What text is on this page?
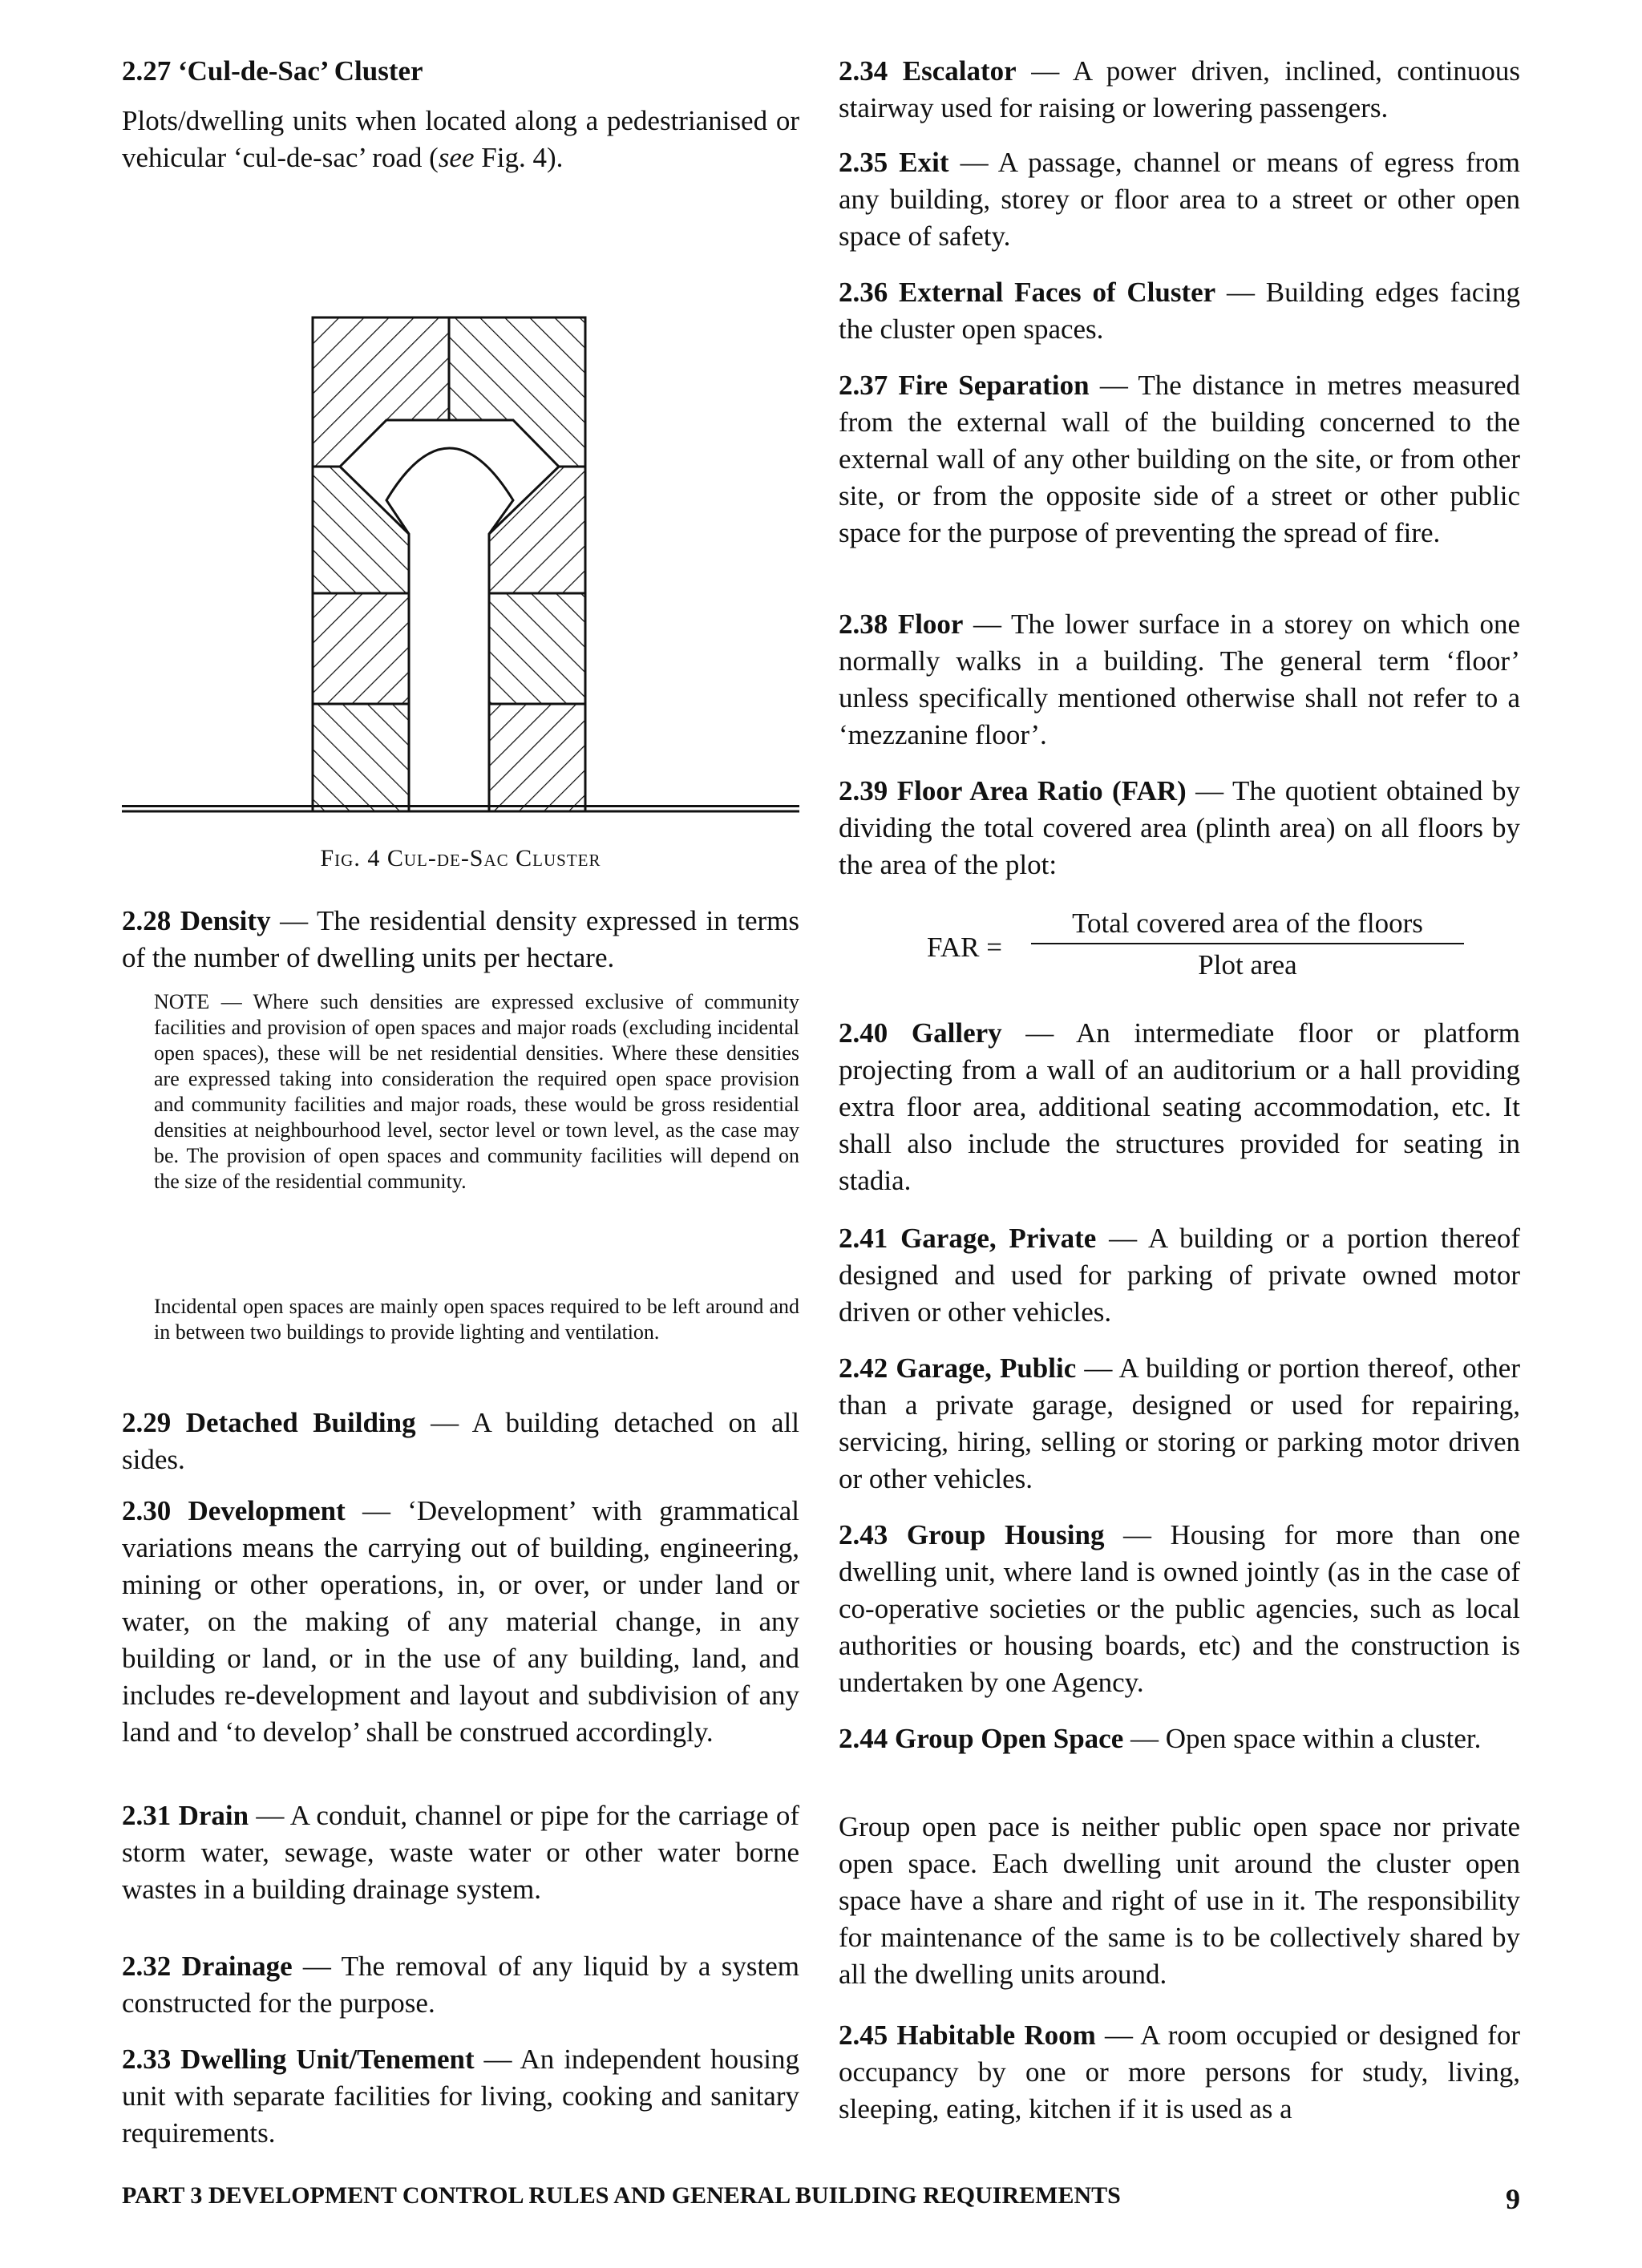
2.27 ‘Cul-de-Sac’ Cluster
Plots/dwelling units when located along a pedestrianised or vehicular ‘cul-de-sac’ road (see Fig. 4).
Fig. 4 Cul-de-Sac Cluster
2.28 Density — The residential density expressed in terms of the number of dwelling units per hectare.
NOTE — Where such densities are expressed exclusive of community facilities and provision of open spaces and major roads (excluding incidental open spaces), these will be net residential densities. Where these densities are expressed taking into consideration the required open space provision and community facilities and major roads, these would be gross residential densities at neighbourhood level, sector level or town level, as the case may be. The provision of open spaces and community facilities will depend on the size of the residential community.
Incidental open spaces are mainly open spaces required to be left around and in between two buildings to provide lighting and ventilation.
2.29 Detached Building — A building detached on all sides.
2.30 Development — ‘Development’ with grammatical variations means the carrying out of building, engineering, mining or other operations, in, or over, or under land or water, on the making of any material change, in any building or land, or in the use of any building, land, and includes re-development and layout and subdivision of any land and ‘to develop’ shall be construed accordingly.
2.31 Drain — A conduit, channel or pipe for the carriage of storm water, sewage, waste water or other water borne wastes in a building drainage system.
2.32 Drainage — The removal of any liquid by a system constructed for the purpose.
2.33 Dwelling Unit/Tenement — An independent housing unit with separate facilities for living, cooking and sanitary requirements.
2.34 Escalator — A power driven, inclined, continuous stairway used for raising or lowering passengers.
2.35 Exit — A passage, channel or means of egress from any building, storey or floor area to a street or other open space of safety.
2.36 External Faces of Cluster — Building edges facing the cluster open spaces.
2.37 Fire Separation — The distance in metres measured from the external wall of the building concerned to the external wall of any other building on the site, or from other site, or from the opposite side of a street or other public space for the purpose of preventing the spread of fire.
2.38 Floor — The lower surface in a storey on which one normally walks in a building. The general term ‘floor’ unless specifically mentioned otherwise shall not refer to a ‘mezzanine floor’.
2.39 Floor Area Ratio (FAR) — The quotient obtained by dividing the total covered area (plinth area) on all floors by the area of the plot:
FAR =
Total covered area of the floors
Plot area
2.40 Gallery — An intermediate floor or platform projecting from a wall of an auditorium or a hall providing extra floor area, additional seating accommodation, etc. It shall also include the structures provided for seating in stadia.
2.41 Garage, Private — A building or a portion thereof designed and used for parking of private owned motor driven or other vehicles.
2.42 Garage, Public — A building or portion thereof, other than a private garage, designed or used for repairing, servicing, hiring, selling or storing or parking motor driven or other vehicles.
2.43 Group Housing — Housing for more than one dwelling unit, where land is owned jointly (as in the case of co-operative societies or the public agencies, such as local authorities or housing boards, etc) and the construction is undertaken by one Agency.
2.44 Group Open Space — Open space within a cluster.
Group open pace is neither public open space nor private open space. Each dwelling unit around the cluster open space have a share and right of use in it. The responsibility for maintenance of the same is to be collectively shared by all the dwelling units around.
2.45 Habitable Room — A room occupied or designed for occupancy by one or more persons for study, living, sleeping, eating, kitchen if it is used as a
PART 3 DEVELOPMENT CONTROL RULES AND GENERAL BUILDING REQUIREMENTS	9
